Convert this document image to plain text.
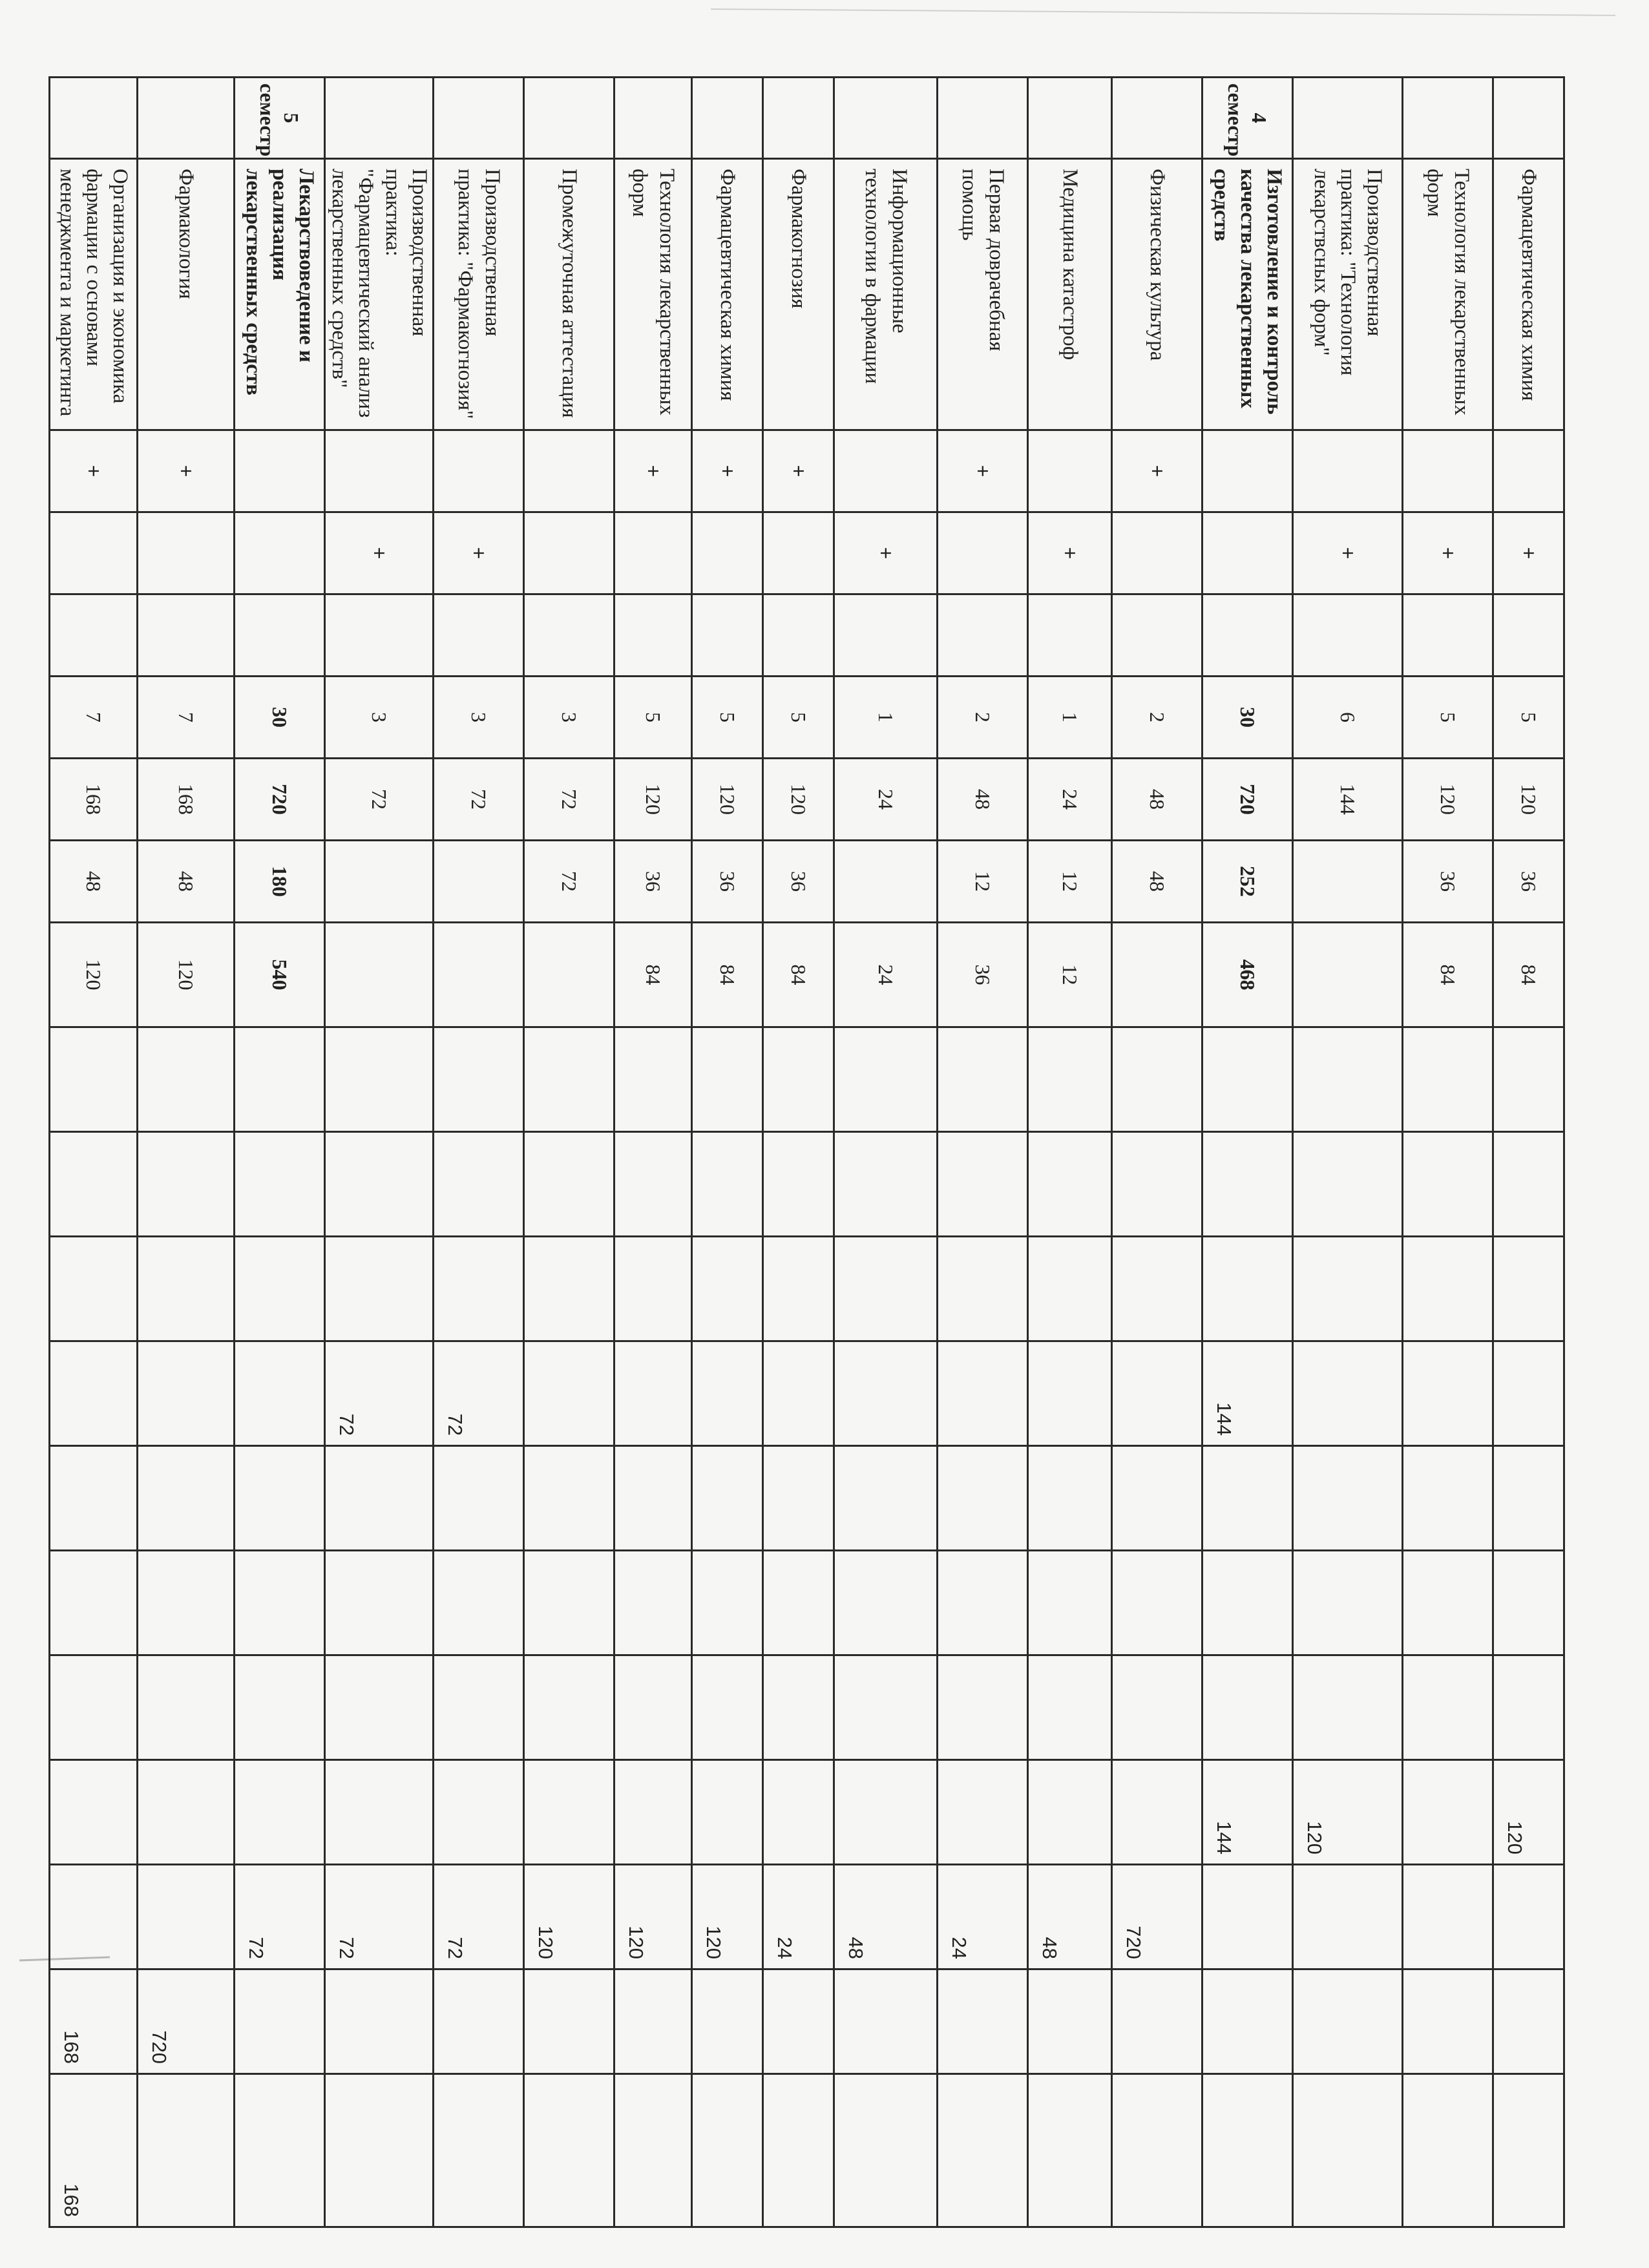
	Фармацевтическая химия		+		5	120	36	84								120			
	Технология лекарственных форм		+		5	120	36	84											
	Производственная практика: "Технология лекарствсных форм"		+		6	144										120			
4 семестр	Изготовление и контроль качества лекарственных средств				30	720	252	468				144				144			
	Физическая культура	+			2	48	48										720		
	Медицина катастроф		+		1	24	12	12									48		
	Первая доврачебная помощь	+			2	48	12	36									24		
	Информационные технологии в фармации		+		1	24		24									48		
	Фармакогнозия	+			5	120	36	84									24		
	Фармацевтическая химия	+			5	120	36	84									120		
	Технология лекарственных форм	+			5	120	36	84									120		
	Промежуточная аттестация				3	72	72										120		
	Производственная практика: "Фармакогнозия"		+		3	72						72					72		
	Производственная практика: "Фармацевтический анализ лекарственных средств"		+		3	72						72					72		
5 семестр	Лекарствоведение и реализация лекарственных средств				30	720	180	540									72		
	Фармакология	+			7	168	48	120										720	
	Организация и экономика фармации с основами менеджмента и маркетинга	+			7	168	48	120										168	168
